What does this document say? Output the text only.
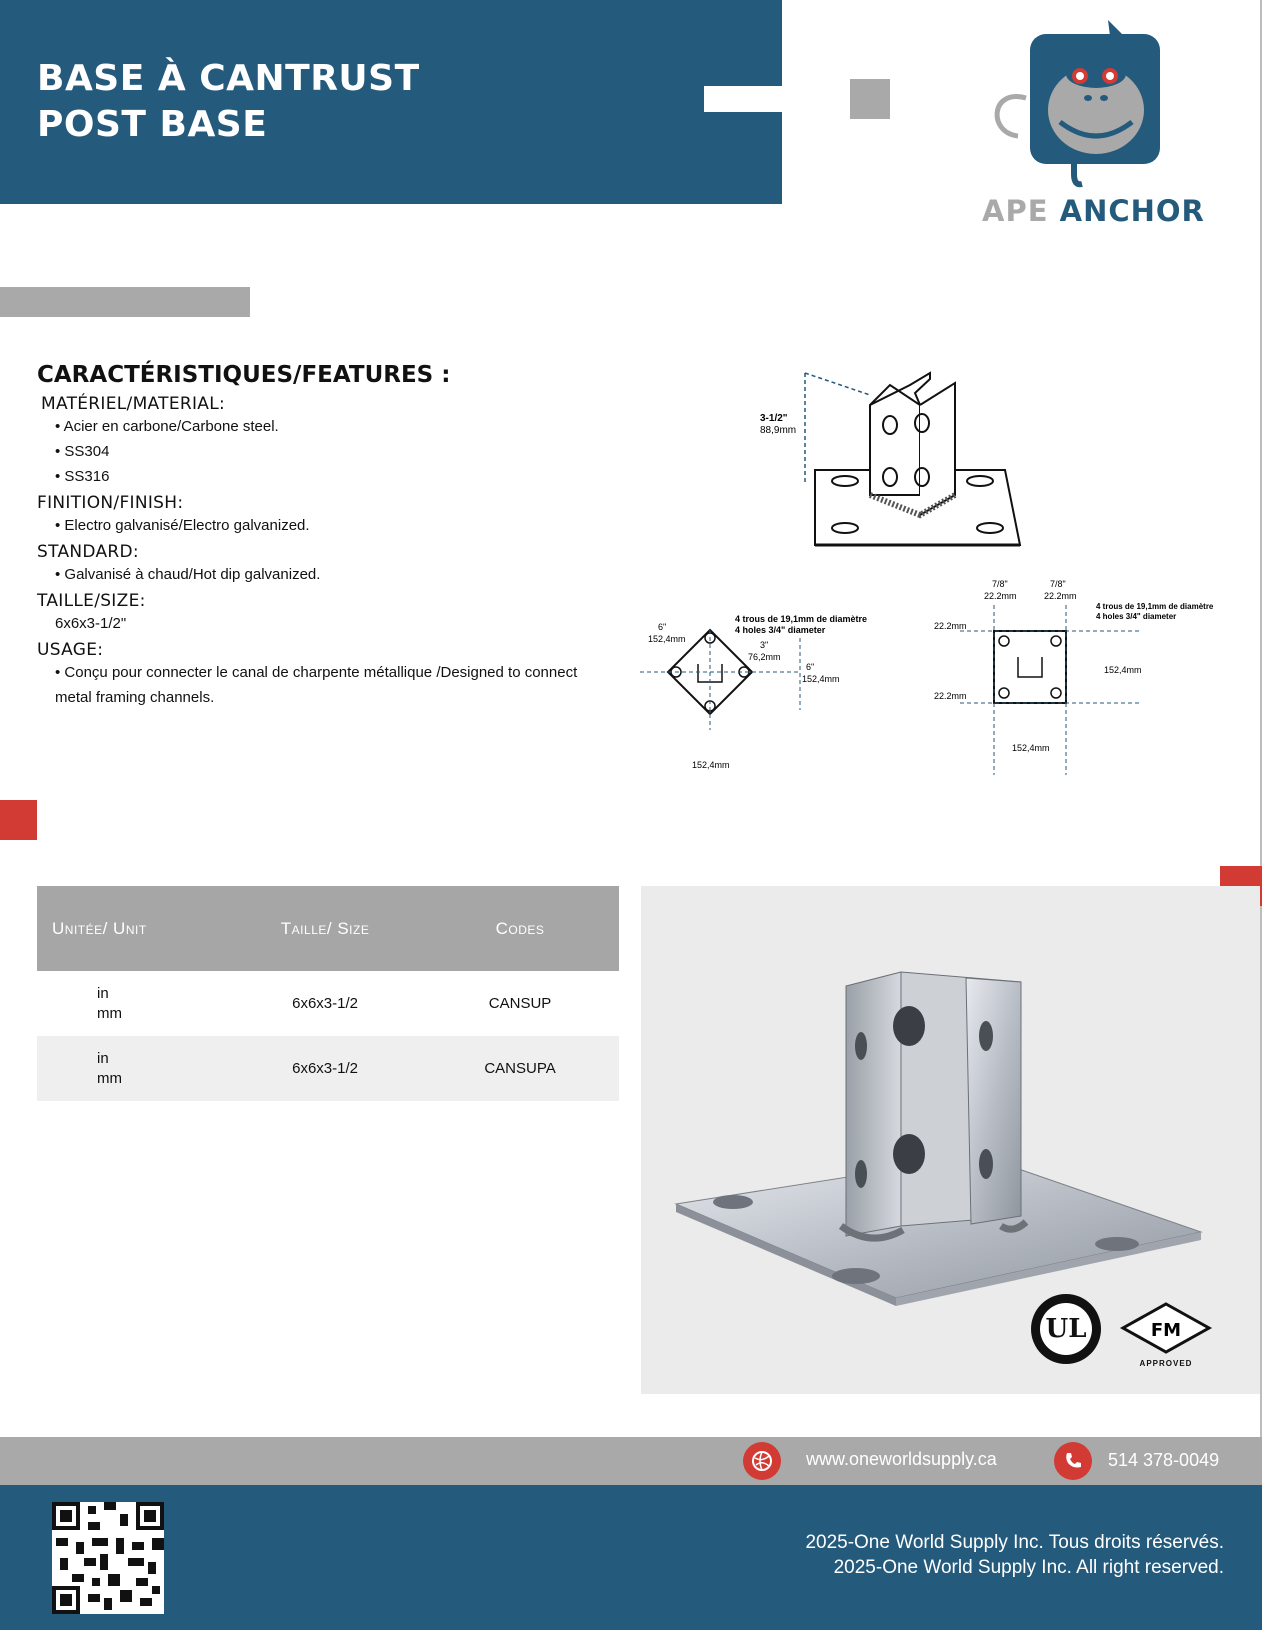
BASE À CANTRUST
POST BASE
APE ANCHOR
CARACTÉRISTIQUES/FEATURES :
MATÉRIEL/MATERIAL:
• Acier en carbone/Carbone steel.
• SS304
• SS316
FINITION/FINISH:
• Electro galvanisé/Electro galvanized.
STANDARD:
• Galvanisé à chaud/Hot dip galvanized.
TAILLE/SIZE:
6x6x3-1/2"
USAGE:
• Conçu pour connecter le canal de charpente métallique /Designed to connect metal framing channels.
3-1/2"
88,9mm
4 trous de 19,1mm de diamètre
4 holes 3/4" diameter
6"
152,4mm
3"
76,2mm
6"
152,4mm
152,4mm
7/8"
22.2mm
7/8"
22.2mm
4 trous de 19,1mm de diamètre
4 holes 3/4" diameter
22.2mm
22.2mm
152,4mm
152,4mm
Unitée/ Unit	Taille/ Size	Codes

in
mm	6x6x3-1/2	CANSUP

in
mm	6x6x3-1/2	CANSUPA
UL	FM
APPROVED
www.oneworldsupply.ca	514 378-0049
2025-One World Supply Inc. Tous droits réservés.
2025-One World Supply Inc. All right reserved.
